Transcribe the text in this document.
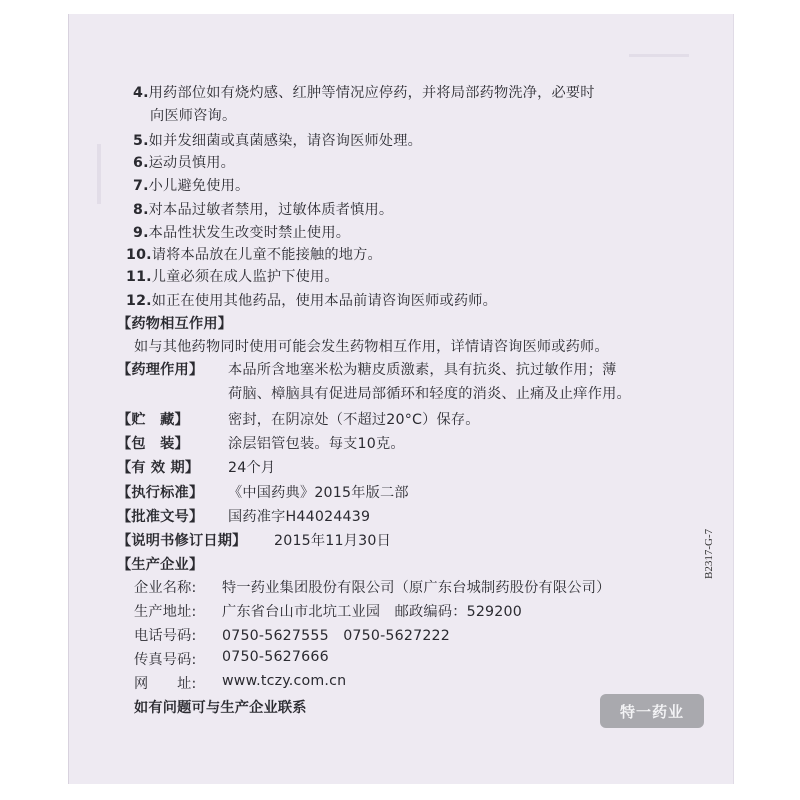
4.用药部位如有烧灼感、红肿等情况应停药，并将局部药物洗净，必要时
向医师咨询。
5.如并发细菌或真菌感染，请咨询医师处理。
6.运动员慎用。
7.小儿避免使用。
8.对本品过敏者禁用，过敏体质者慎用。
9.本品性状发生改变时禁止使用。
10.请将本品放在儿童不能接触的地方。
11.儿童必须在成人监护下使用。
12.如正在使用其他药品，使用本品前请咨询医师或药师。
【药物相互作用】
如与其他药物同时使用可能会发生药物相互作用，详情请咨询医师或药师。
【药理作用】 本品所含地塞米松为糖皮质激素，具有抗炎、抗过敏作用；薄
荷脑、樟脑具有促进局部循环和轻度的消炎、止痛及止痒作用。
【贮　藏】	密封，在阴凉处（不超过20°C）保存。
【包　装】	涂层铝管包装。每支10克。
【有 效 期】 24个月
【执行标准】 《中国药典》2015年版二部
【批准文号】 国药准字H44024439
【说明书修订日期】 2015年11月30日
【生产企业】
企业名称: 特一药业集团股份有限公司（原广东台城制药股份有限公司）
生产地址: 广东省台山市北坑工业园　邮政编码：529200
电话号码: 0750-5627555　0750-5627222
传真号码: 0750-5627666
网　　址: www.tczy.com.cn
如有问题可与生产企业联系
B2317-G-7
特一药业
